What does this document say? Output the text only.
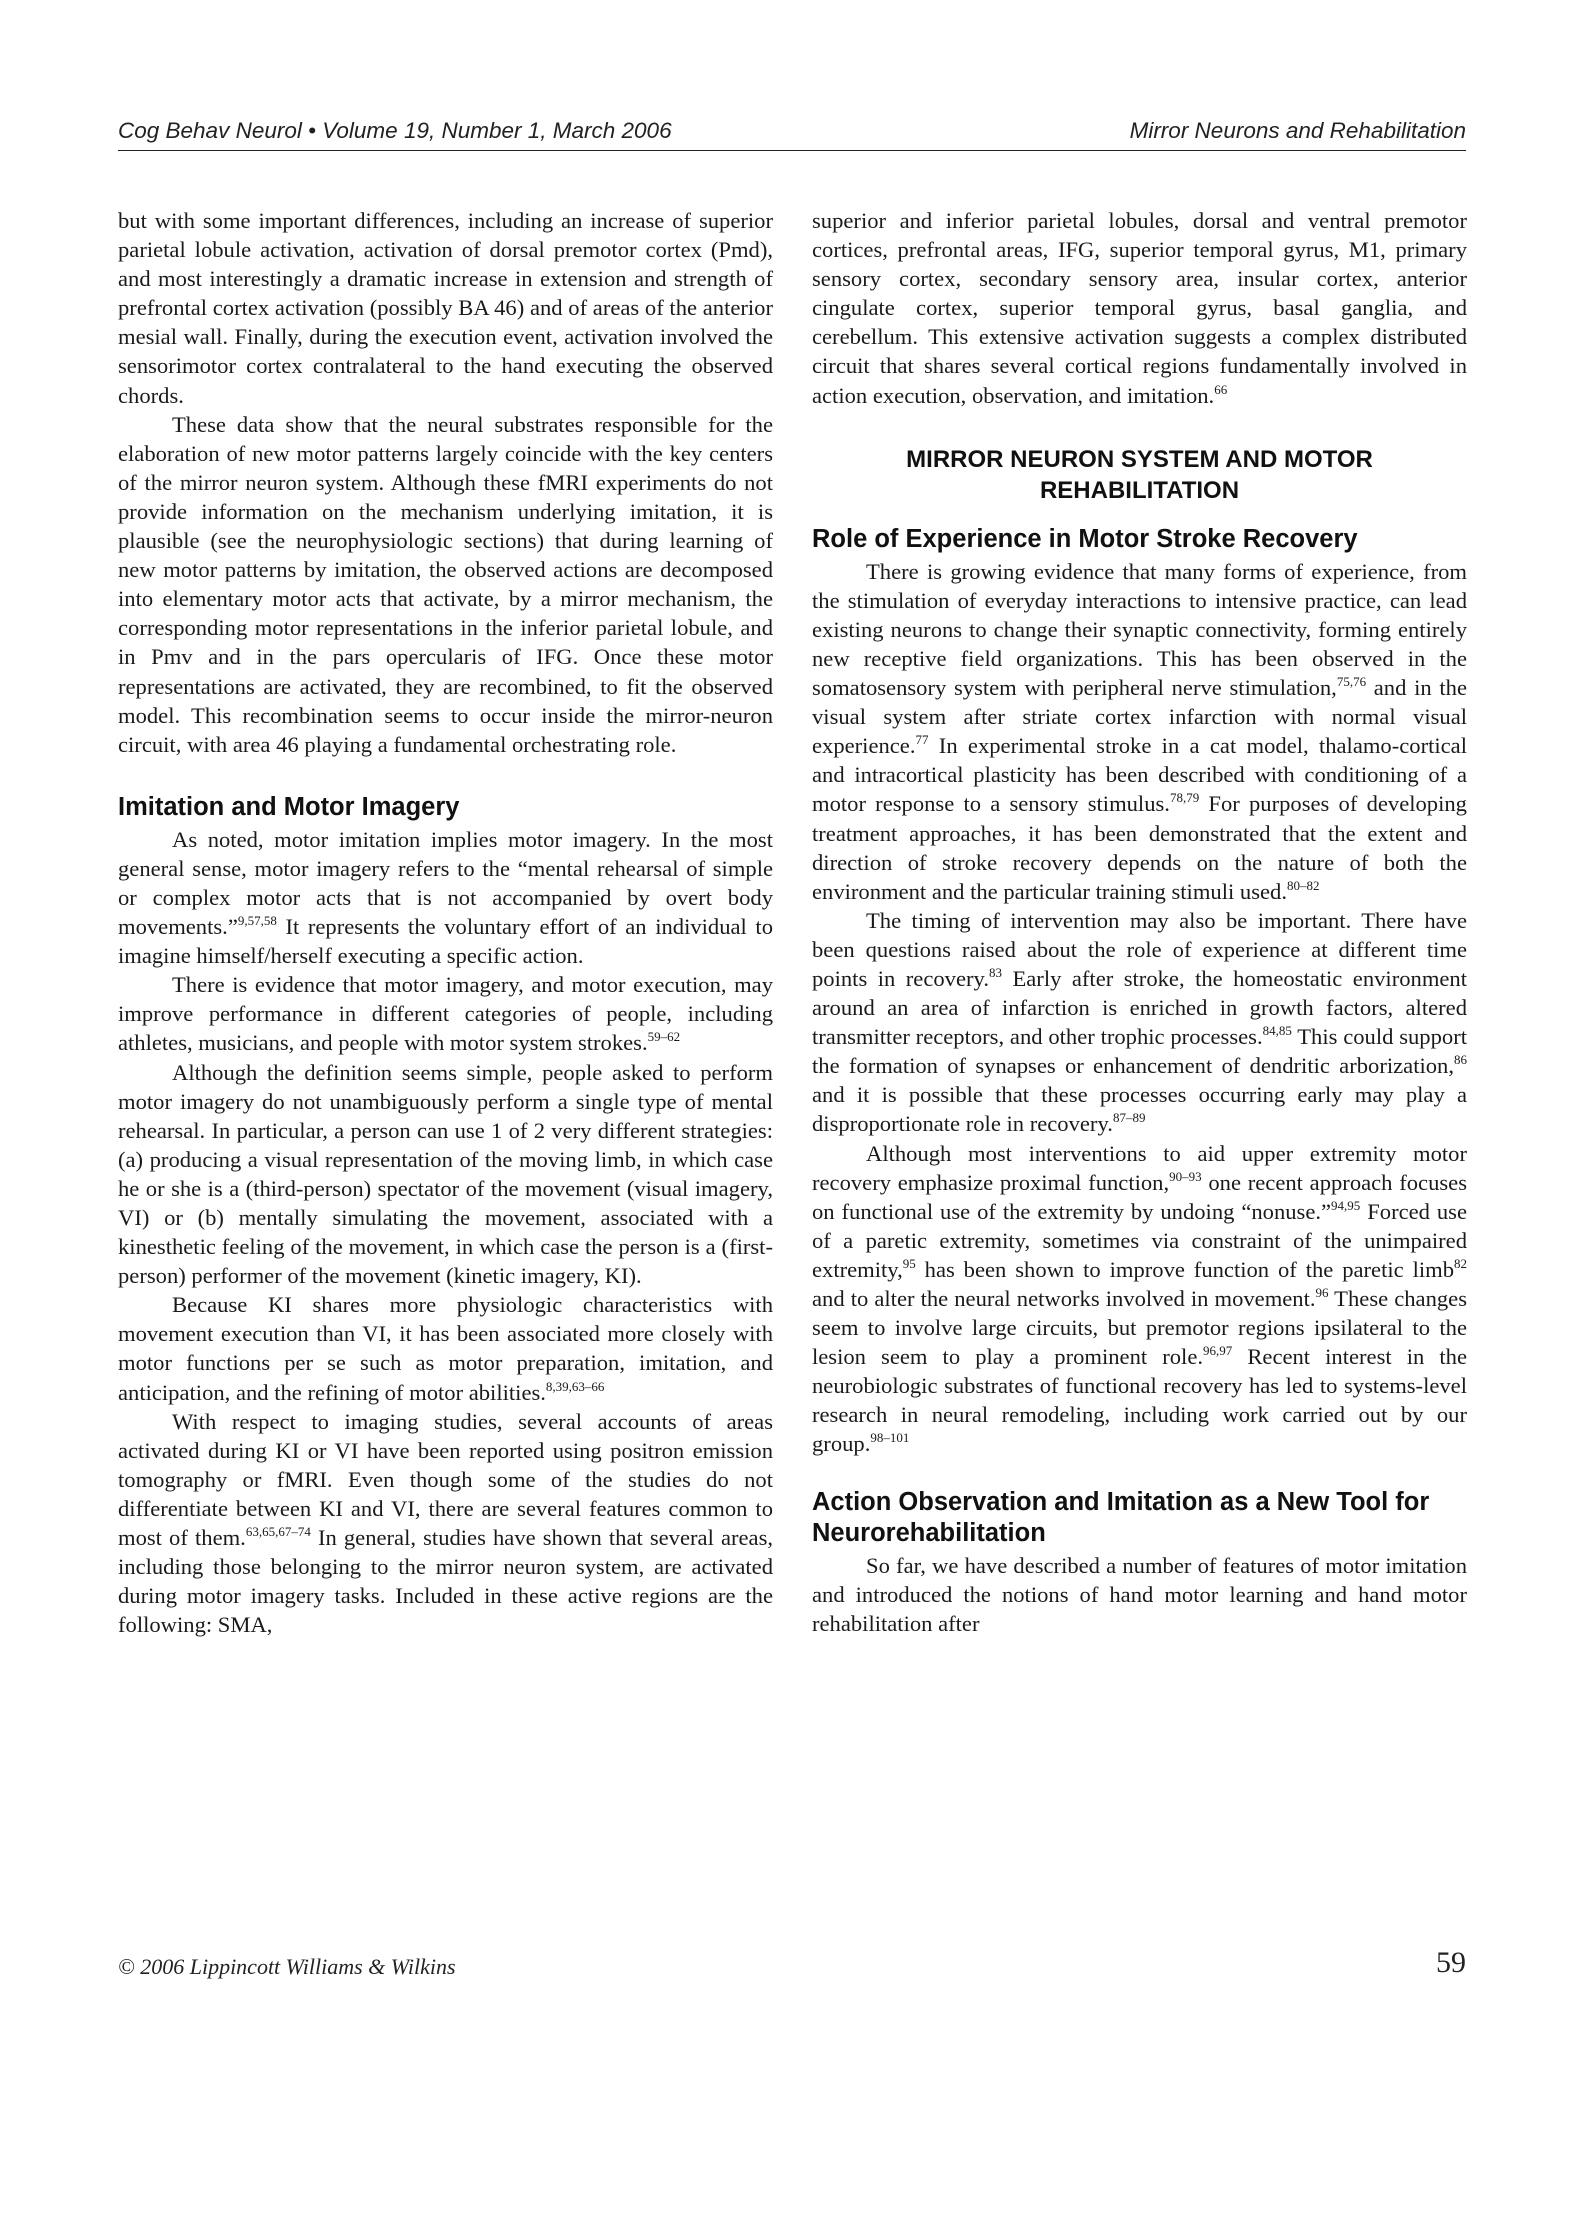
Cog Behav Neurol • Volume 19, Number 1, March 2006	Mirror Neurons and Rehabilitation

but with some important differences, including an increase of superior parietal lobule activation, activation of dorsal premotor cortex (Pmd), and most interestingly a dramatic increase in extension and strength of prefrontal cortex activation (possibly BA 46) and of areas of the anterior mesial wall. Finally, during the execution event, activation involved the sensorimotor cortex contralateral to the hand executing the observed chords.

These data show that the neural substrates responsible for the elaboration of new motor patterns largely coincide with the key centers of the mirror neuron system. Although these fMRI experiments do not provide information on the mechanism underlying imitation, it is plausible (see the neurophysiologic sections) that during learning of new motor patterns by imitation, the observed actions are decomposed into elementary motor acts that activate, by a mirror mechanism, the corresponding motor representations in the inferior parietal lobule, and in Pmv and in the pars opercularis of IFG. Once these motor representations are activated, they are recombined, to fit the observed model. This recombination seems to occur inside the mirror-neuron circuit, with area 46 playing a fundamental orchestrating role.

Imitation and Motor Imagery

As noted, motor imitation implies motor imagery. In the most general sense, motor imagery refers to the “mental rehearsal of simple or complex motor acts that is not accompanied by overt body movements.”$^{9,57,58}$ It represents the voluntary effort of an individual to imagine himself/herself executing a specific action.

There is evidence that motor imagery, and motor execution, may improve performance in different categories of people, including athletes, musicians, and people with motor system strokes.$^{59-62}$

Although the definition seems simple, people asked to perform motor imagery do not unambiguously perform a single type of mental rehearsal. In particular, a person can use 1 of 2 very different strategies: (a) producing a visual representation of the moving limb, in which case he or she is a (third-person) spectator of the movement (visual imagery, VI) or (b) mentally simulating the movement, associated with a kinesthetic feeling of the movement, in which case the person is a (first-person) performer of the movement (kinetic imagery, KI).

Because KI shares more physiologic characteristics with movement execution than VI, it has been associated more closely with motor functions per se such as motor preparation, imitation, and anticipation, and the refining of motor abilities.$^{8,39,63-66}$

With respect to imaging studies, several accounts of areas activated during KI or VI have been reported using positron emission tomography or fMRI. Even though some of the studies do not differentiate between KI and VI, there are several features common to most of them.$^{63,65,67-74}$ In general, studies have shown that several areas, including those belonging to the mirror neuron system, are activated during motor imagery tasks. Included in these active regions are the following: SMA,

superior and inferior parietal lobules, dorsal and ventral premotor cortices, prefrontal areas, IFG, superior temporal gyrus, M1, primary sensory cortex, secondary sensory area, insular cortex, anterior cingulate cortex, superior temporal gyrus, basal ganglia, and cerebellum. This extensive activation suggests a complex distributed circuit that shares several cortical regions fundamentally involved in action execution, observation, and imitation.$^{66}$

MIRROR NEURON SYSTEM AND MOTOR REHABILITATION
Role of Experience in Motor Stroke Recovery

There is growing evidence that many forms of experience, from the stimulation of everyday interactions to intensive practice, can lead existing neurons to change their synaptic connectivity, forming entirely new receptive field organizations. This has been observed in the somatosensory system with peripheral nerve stimulation,$^{75,76}$ and in the visual system after striate cortex infarction with normal visual experience.$^{77}$ In experimental stroke in a cat model, thalamo-cortical and intracortical plasticity has been described with conditioning of a motor response to a sensory stimulus.$^{78,79}$ For purposes of developing treatment approaches, it has been demonstrated that the extent and direction of stroke recovery depends on the nature of both the environment and the particular training stimuli used.$^{80-82}$

The timing of intervention may also be important. There have been questions raised about the role of experience at different time points in recovery.$^{83}$ Early after stroke, the homeostatic environment around an area of infarction is enriched in growth factors, altered transmitter receptors, and other trophic processes.$^{84,85}$ This could support the formation of synapses or enhancement of dendritic arborization,$^{86}$ and it is possible that these processes occurring early may play a disproportionate role in recovery.$^{87-89}$

Although most interventions to aid upper extremity motor recovery emphasize proximal function,$^{90-93}$ one recent approach focuses on functional use of the extremity by undoing “nonuse.”$^{94,95}$ Forced use of a paretic extremity, sometimes via constraint of the unimpaired extremity,$^{95}$ has been shown to improve function of the paretic limb$^{82}$ and to alter the neural networks involved in movement.$^{96}$ These changes seem to involve large circuits, but premotor regions ipsilateral to the lesion seem to play a prominent role.$^{96,97}$ Recent interest in the neurobiologic substrates of functional recovery has led to systems-level research in neural remodeling, including work carried out by our group.$^{98-101}$

Action Observation and Imitation as a New Tool for Neurorehabilitation

So far, we have described a number of features of motor imitation and introduced the notions of hand motor learning and hand motor rehabilitation after

© 2006 Lippincott Williams & Wilkins	59
